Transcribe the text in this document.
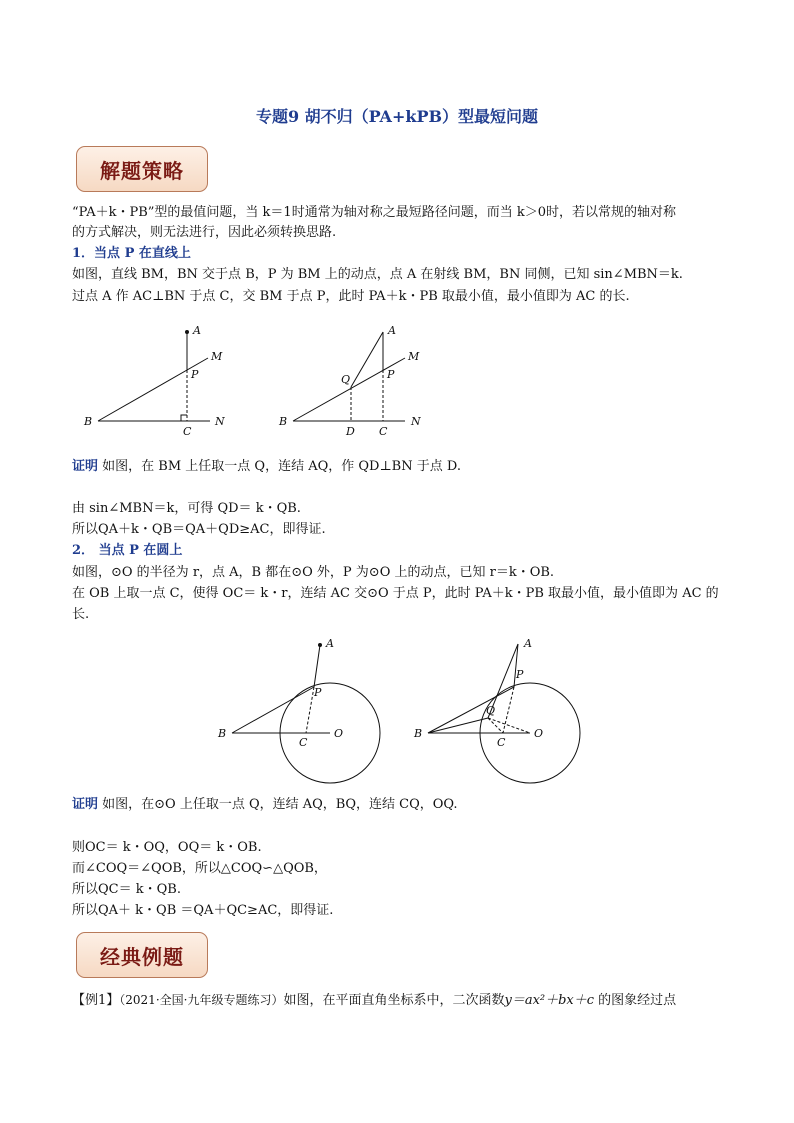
专题9 胡不归（PA+kPB）型最短问题
解题策略
“PA＋k・PB”型的最值问题，当 k＝1时通常为轴对称之最短路径问题，而当 k＞0时，若以常规的轴对称
的方式解决，则无法进行，因此必须转换思路.
1．当点 P 在直线上
如图，直线 BM，BN 交于点 B，P 为 BM 上的动点，点 A 在射线 BM，BN 同侧，已知 sin∠MBN＝k.
过点 A 作 AC⊥BN 于点 C，交 BM 于点 P，此时 PA＋k・PB 取最小值，最小值即为 AC 的长.
A
M
P
B
C
N
A
M
P
Q
B
D C
N
证明 如图，在 BM 上任取一点 Q，连结 AQ，作 QD⊥BN 于点 D.
由 sin∠MBN＝k，可得 QD＝ k・QB.
所以QA＋k・QB＝QA＋QD≥AC，即得证.
2． 当点 P 在圆上
如图，⊙O 的半径为 r，点 A，B 都在⊙O 外，P 为⊙O 上的动点，已知 r＝k・OB.
在 OB 上取一点 C，使得 OC＝ k・r，连结 AC 交⊙O 于点 P，此时 PA＋k・PB 取最小值，最小值即为 AC 的
长.
A
P
B
C
O
A
P
Q
B
C
O
证明 如图，在⊙O 上任取一点 Q，连结 AQ，BQ，连结 CQ，OQ.
则OC＝ k・OQ，OQ＝ k・OB.
而∠COQ＝∠QOB，所以△COQ∽△QOB，
所以QC＝ k・QB.
所以QA＋ k・QB ＝QA＋QC≥AC，即得证.
经典例题
【例1】（2021·全国·九年级专题练习）如图，在平面直角坐标系中，二次函数y＝ax²＋bx＋c 的图象经过点
